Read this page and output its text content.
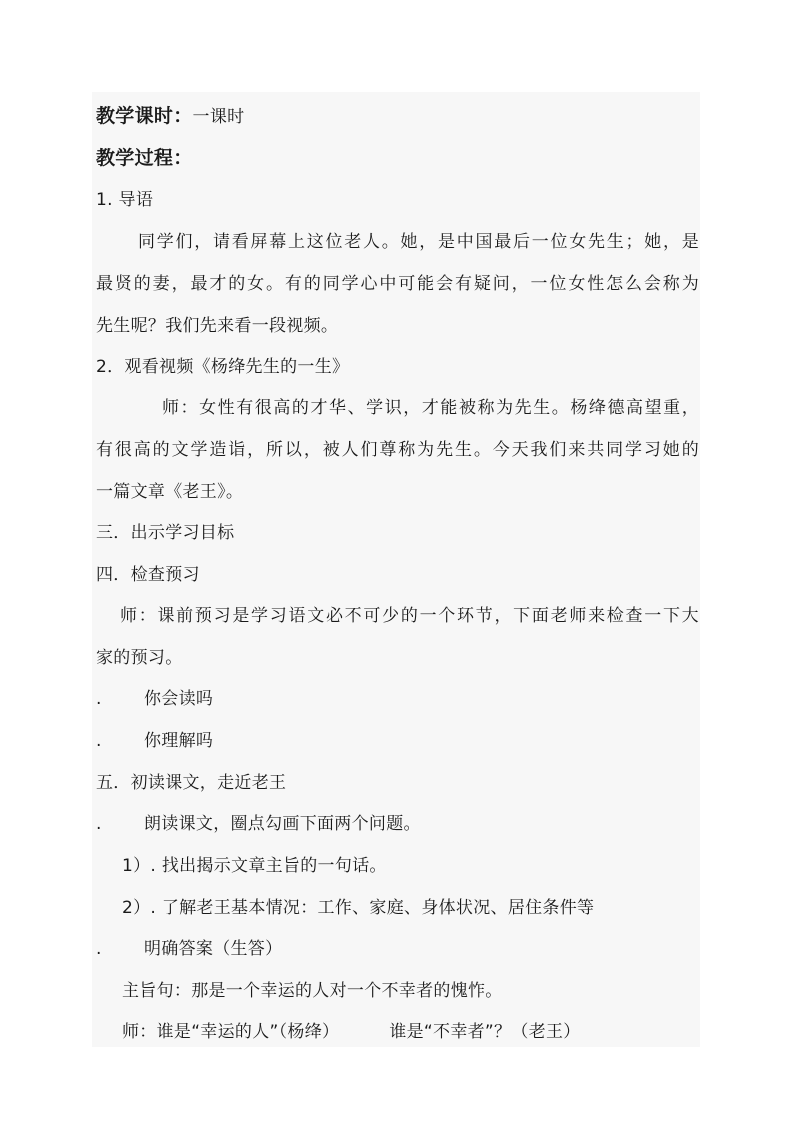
教学课时：一课时
教学过程：
1. 导语
同学们，请看屏幕上这位老人。她，是中国最后一位女先生；她，是
最贤的妻，最才的女。有的同学心中可能会有疑问，一位女性怎么会称为
先生呢？我们先来看一段视频。
2．观看视频《杨绛先生的一生》
师：女性有很高的才华、学识，才能被称为先生。杨绛德高望重，
有很高的文学造诣，所以，被人们尊称为先生。今天我们来共同学习她的
一篇文章《老王》。
三．出示学习目标
四．检查预习
师：课前预习是学习语文必不可少的一个环节，下面老师来检查一下大
家的预习。
. 你会读吗
. 你理解吗
五．初读课文，走近老王
. 朗读课文，圈点勾画下面两个问题。
1）. 找出揭示文章主旨的一句话。
2）. 了解老王基本情况：工作、家庭、身体状况、居住条件等
. 明确答案（生答）
主旨句：那是一个幸运的人对一个不幸者的愧怍。
师：谁是“幸运的人”（杨绛）	谁是“不幸者”？（老王）
